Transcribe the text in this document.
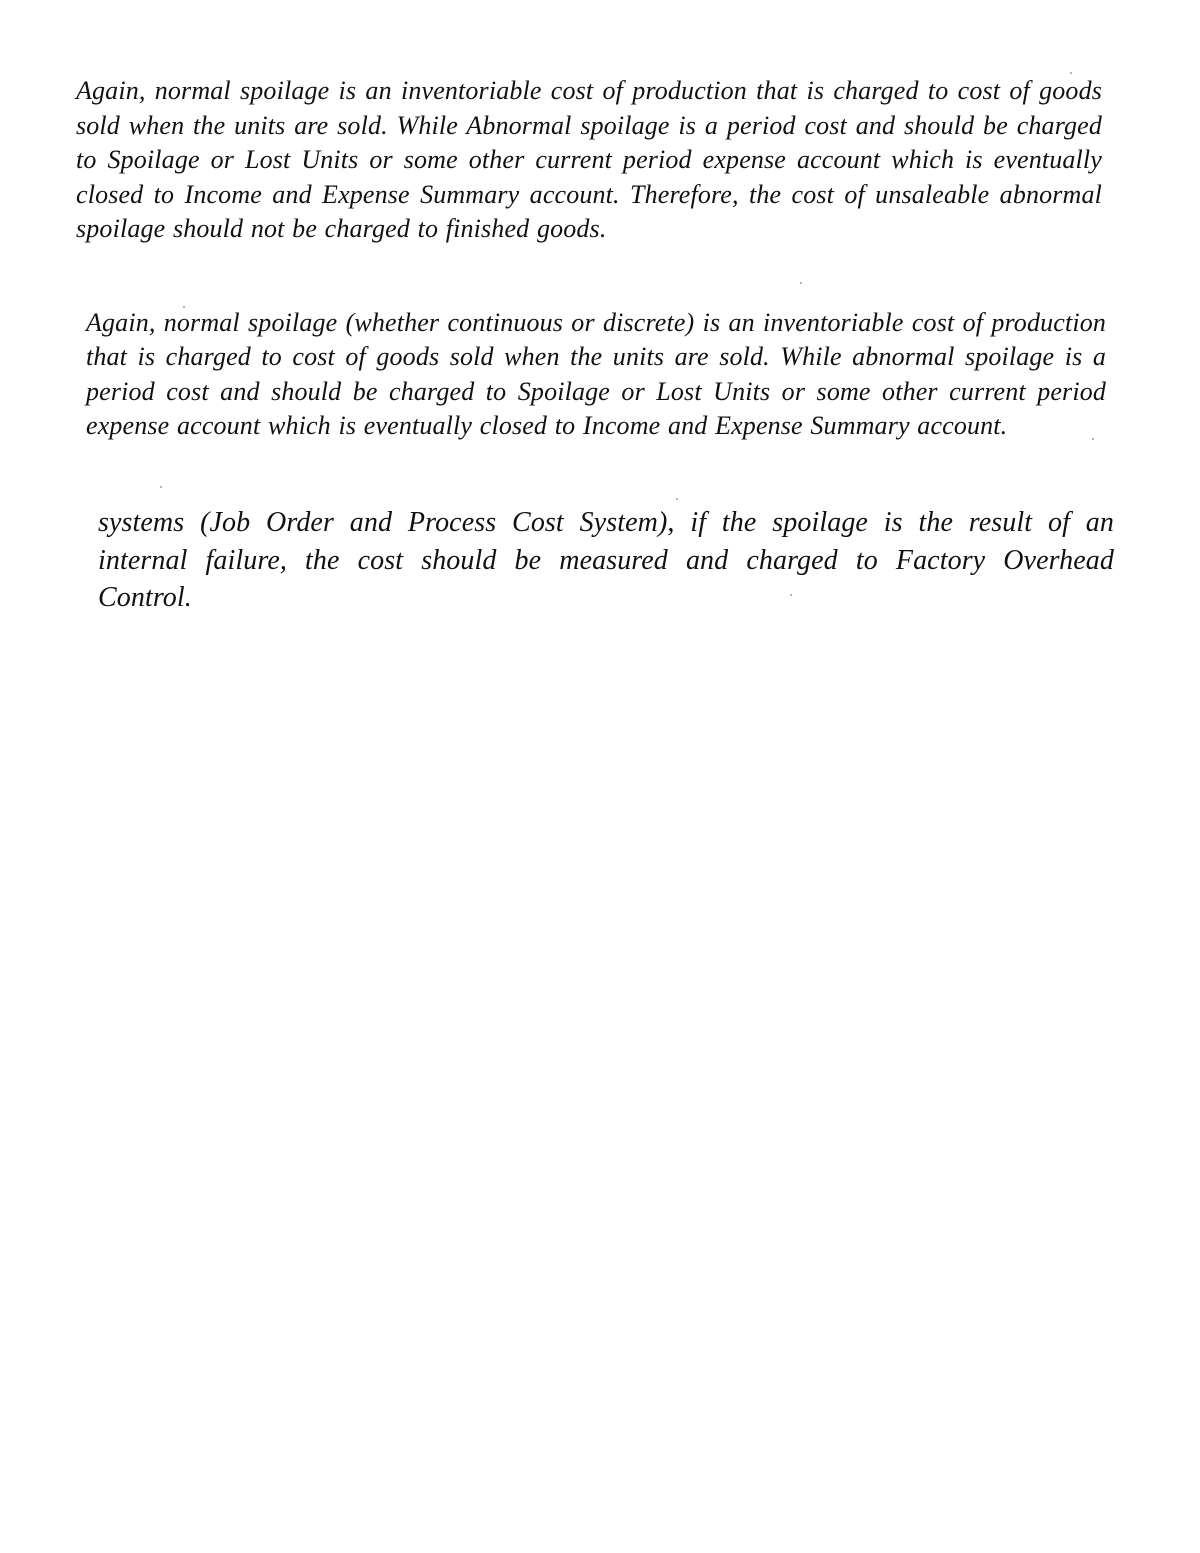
Again, normal spoilage is an inventoriable cost of production that is charged to cost of goods sold when the units are sold. While Abnormal spoilage is a period cost and should be charged to Spoilage or Lost Units or some other current period expense account which is eventually closed to Income and Expense Summary account. Therefore, the cost of unsaleable abnormal spoilage should not be charged to finished goods.

Again, normal spoilage (whether continuous or discrete) is an inventoriable cost of production that is charged to cost of goods sold when the units are sold. While abnormal spoilage is a period cost and should be charged to Spoilage or Lost Units or some other current period expense account which is eventually closed to Income and Expense Summary account.

systems (Job Order and Process Cost System), if the spoilage is the result of an internal failure, the cost should be measured and charged to Factory Overhead Control.
